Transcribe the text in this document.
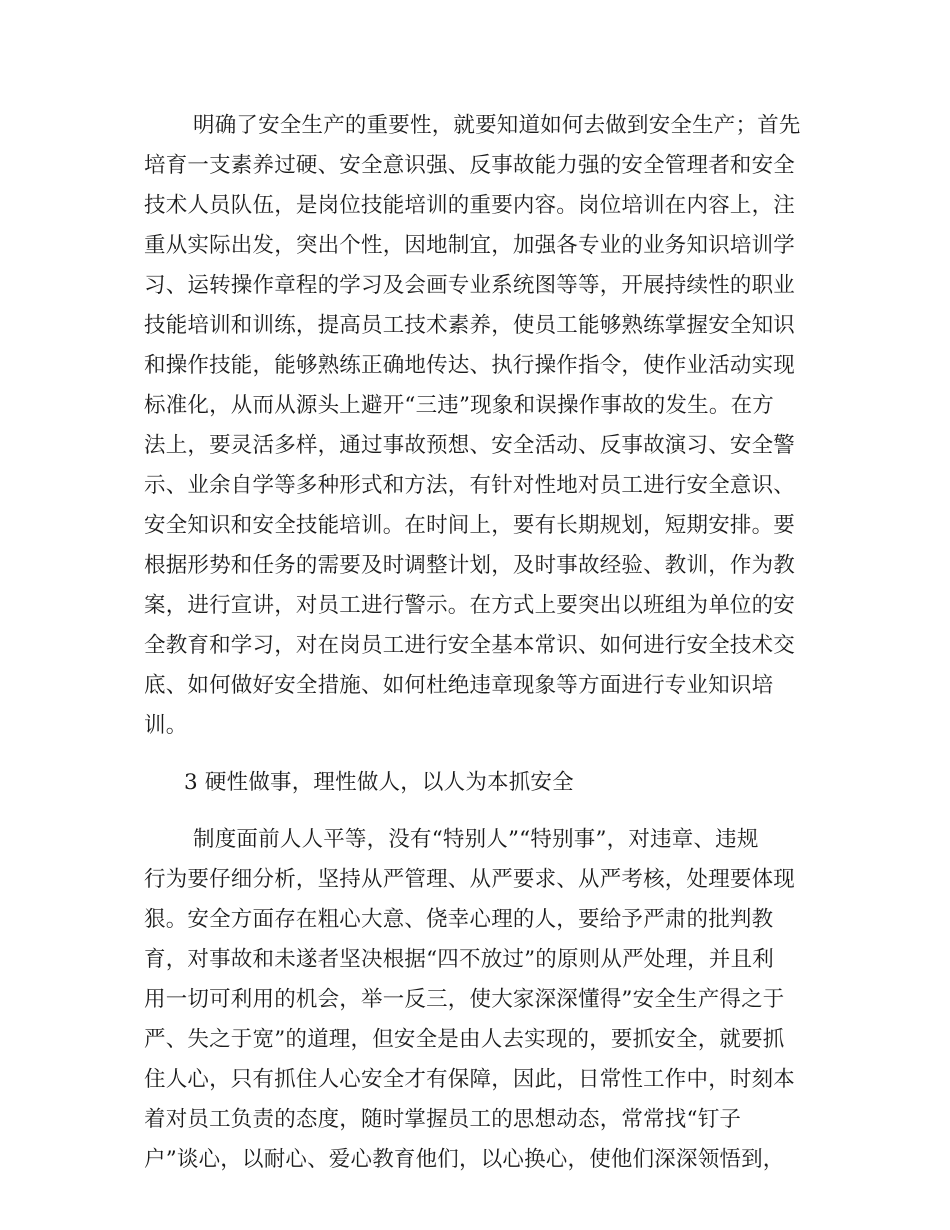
明确了安全生产的重要性，就要知道如何去做到安全生产；首先
培育一支素养过硬、安全意识强、反事故能力强的安全管理者和安全
技术人员队伍，是岗位技能培训的重要内容。岗位培训在内容上，注
重从实际出发，突出个性，因地制宜，加强各专业的业务知识培训学
习、运转操作章程的学习及会画专业系统图等等，开展持续性的职业
技能培训和训练，提高员工技术素养，使员工能够熟练掌握安全知识
和操作技能，能够熟练正确地传达、执行操作指令，使作业活动实现
标准化，从而从源头上避开“三违”现象和误操作事故的发生。在方
法上，要灵活多样，通过事故预想、安全活动、反事故演习、安全警
示、业余自学等多种形式和方法，有针对性地对员工进行安全意识、
安全知识和安全技能培训。在时间上，要有长期规划，短期安排。要
根据形势和任务的需要及时调整计划，及时事故经验、教训，作为教
案，进行宣讲，对员工进行警示。在方式上要突出以班组为单位的安
全教育和学习，对在岗员工进行安全基本常识、如何进行安全技术交
底、如何做好安全措施、如何杜绝违章现象等方面进行专业知识培
训。
3 硬性做事，理性做人，以人为本抓安全
制度面前人人平等，没有“特别人”“特别事”，对违章、违规
行为要仔细分析，坚持从严管理、从严要求、从严考核，处理要体现
狠。安全方面存在粗心大意、侥幸心理的人，要给予严肃的批判教
育，对事故和未遂者坚决根据“四不放过”的原则从严处理，并且利
用一切可利用的机会，举一反三，使大家深深懂得”安全生产得之于
严、失之于宽”的道理，但安全是由人去实现的，要抓安全，就要抓
住人心，只有抓住人心安全才有保障，因此，日常性工作中，时刻本
着对员工负责的态度，随时掌握员工的思想动态，常常找“钉子
户”谈心，以耐心、爱心教育他们，以心换心，使他们深深领悟到，
